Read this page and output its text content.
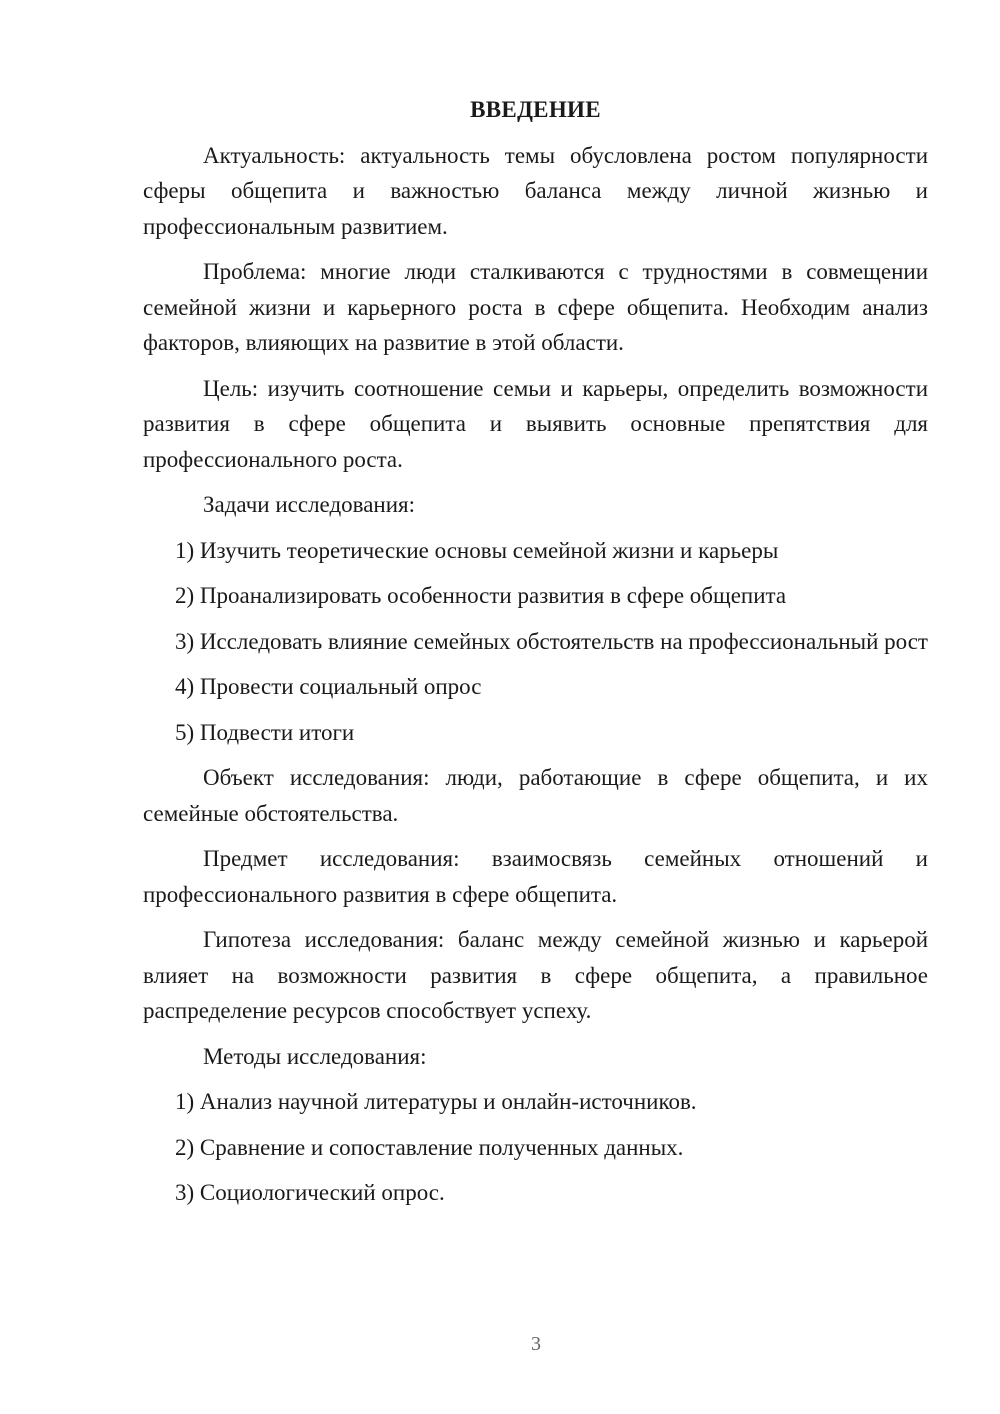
ВВЕДЕНИЕ

Актуальность: актуальность темы обусловлена ростом популярности сферы общепита и важностью баланса между личной жизнью и профессиональным развитием.

Проблема: многие люди сталкиваются с трудностями в совмещении семейной жизни и карьерного роста в сфере общепита. Необходим анализ факторов, влияющих на развитие в этой области.

Цель: изучить соотношение семьи и карьеры, определить возможности развития в сфере общепита и выявить основные препятствия для профессионального роста.

Задачи исследования:

1) Изучить теоретические основы семейной жизни и карьеры

2) Проанализировать особенности развития в сфере общепита

3) Исследовать влияние семейных обстоятельств на профессиональный рост

4) Провести социальный опрос

5) Подвести итоги

Объект исследования: люди, работающие в сфере общепита, и их семейные обстоятельства.

Предмет исследования: взаимосвязь семейных отношений и профессионального развития в сфере общепита.

Гипотеза исследования: баланс между семейной жизнью и карьерой влияет на возможности развития в сфере общепита, а правильное распределение ресурсов способствует успеху.

Методы исследования:

1) Анализ научной литературы и онлайн-источников.

2) Сравнение и сопоставление полученных данных.

3) Социологический опрос.

3
